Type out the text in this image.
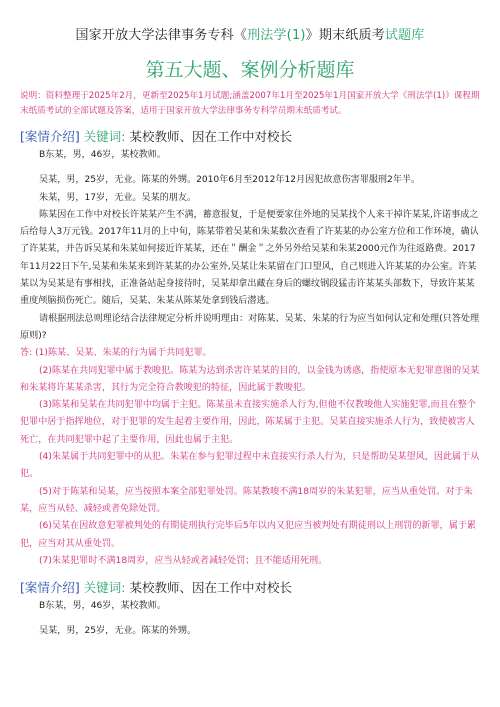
国家开放大学法律事务专科《刑法学(1)》期末纸质考试题库
第五大题、案例分析题库
说明：资料整理于2025年2月，更新至2025年1月试题;涵盖2007年1月至2025年1月国家开放大学《刑法学(1)》课程期末纸质考试的全部试题及答案，适用于国家开放大学法律事务专科学员期末纸质考试。
[案情介绍] 关键词: 某校教师、因在工作中对校长

B东某，男，46岁，某校教师。

吴某，男，25岁，无业。陈某的外甥。2010年6月至2012年12月因犯故意伤害罪服刑2年半。

朱某，男，17岁，无业。吴某的朋友。

陈某因在工作中对校长许某某产生不满，蓄意报复，于是便要家住外地的吴某找个人来干掉许某某,许诺事成之后给每人3万元钱。2017年11月的上中旬，陈某带着吴某和朱某数次查看了许某某的办公室方位和工作环境，确认了许某某，并告诉吴某和朱某如何接近许某某，还在＂酬金＂之外另外给吴某和朱某2000元作为往返路费。2017年11月22日下午,吴某和朱某来到许某某的办公室外,吴某让朱某留在门口望风，自己则进入许某某的办公室。许某某以为吴某是有事相找，正准备站起身接待时，吴某却拿出藏在身后的螺纹钢段猛击许某某头部数下，导致许某某重度颅脑损伤死亡。随后，吴某、朱某从陈某处拿到钱后潜逃。

请根据刑法总则理论结合法律规定分析并说明理由：对陈某、吴某、朱某的行为应当如何认定和处理(只答处理原则)?

答: (1)陈某、吴某、朱某的行为属于共同犯罪。

(2)陈某在共同犯罪中属于教唆犯。陈某为达到杀害许某某的目的，以金钱为诱惑，指使原本无犯罪意图的吴某和朱某将许某某杀害，其行为完全符合教唆犯的特征，因此属于教唆犯。

(3)陈某和吴某在共同犯罪中均属于主犯。陈某虽未直接实施杀人行为,但他不仅教唆他人实施犯罪,而且在整个犯罪中居于指挥地位，对于犯罪的发生起着主要作用，因此，陈某属于主犯。吴某直接实施杀人行为，致使被害人死亡，在共同犯罪中起了主要作用，因此也属于主犯。

(4)朱某属于共同犯罪中的从犯。朱某在参与犯罪过程中未直接实行杀人行为，只是帮助吴某望风，因此属于从犯。

(5)对于陈某和吴某，应当按照本案全部犯罪处罚。陈某教唆不满18周岁的朱某犯罪，应当从重处罚。对于朱某，应当从轻、减轻或者免除处罚。

(6)吴某在因故意犯罪被判处的有期徒刑执行完毕后5年以内又犯应当被判处有期徒刑以上刑罚的新罪，属于累犯，应当对其从重处罚。

(7)朱某犯罪时不满18周岁，应当从轻或者减轻处罚；且不能适用死刑。

[案情介绍] 关键词: 某校教师、因在工作中对校长

B东某，男，46岁，某校教师。

吴某，男，25岁，无业。陈某的外甥。
